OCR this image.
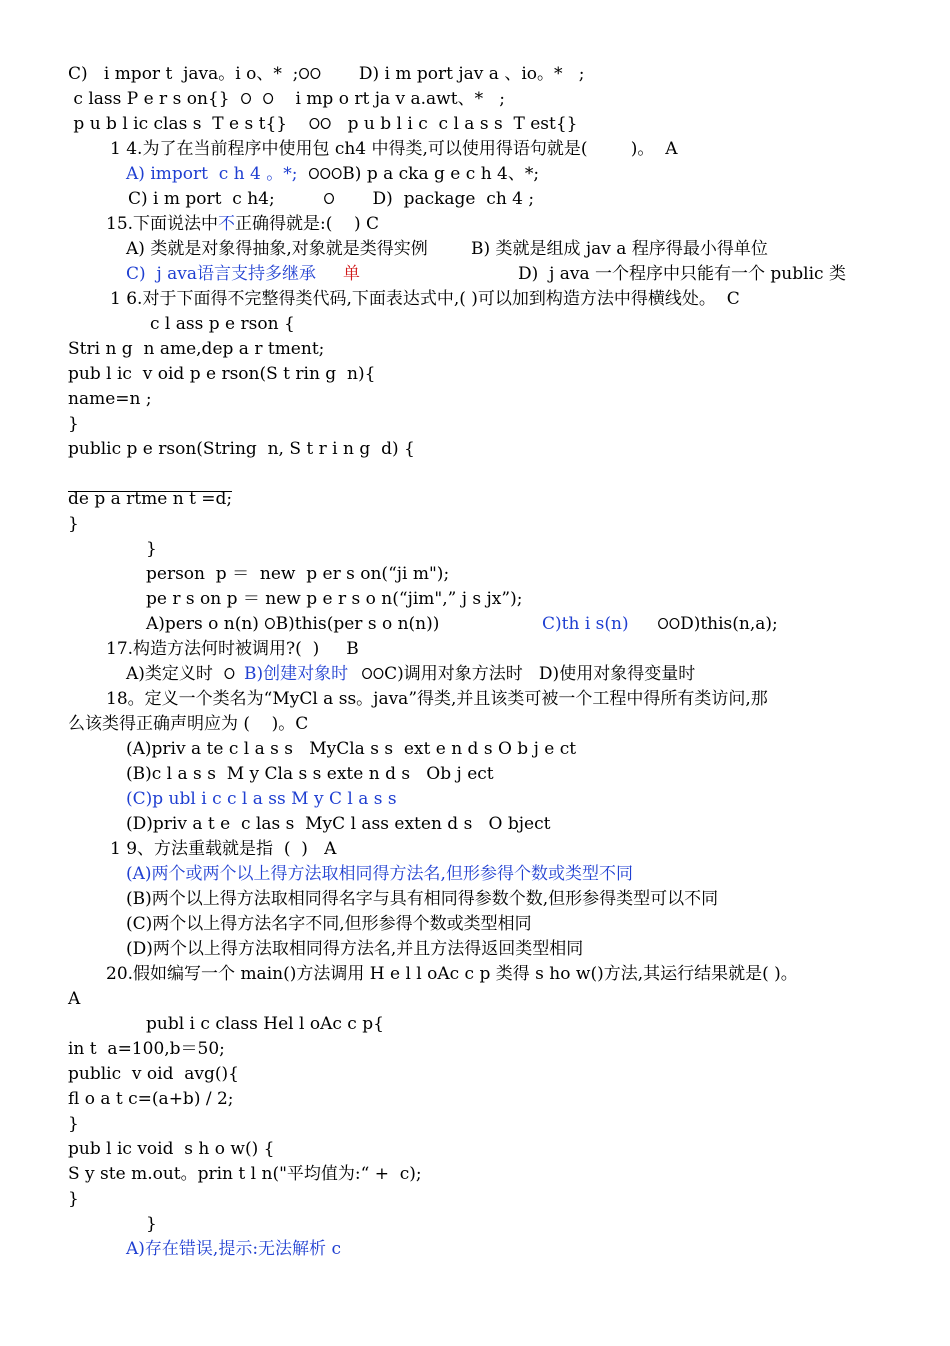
C)   i mpor t  java。i o、*  ;ଠଠ       D) i m port jav a 、io。*   ;
c lass P e r s on{}  ଠ  ଠ    i mp o rt ja v a.awt、*   ;
p u b l ic clas s  T e s t{}    ଠଠ   p u b l i c  c l a s s  T est{}
1 4.为了在当前程序中使用包 ch4 中得类,可以使用得语句就是(        )。  A
A) import  c h 4 。*;  ଠଠଠB) p a cka g e c h 4、*;
C) i m port  c h4;         ଠ       D)  package  ch 4 ;
15.下面说法中不正确得就是:(    ) C
A) 类就是对象得抽象,对象就是类得实例        B) 类就是组成 jav a 程序得最小得单位
C)  j ava语言支持多继承     单	D)  j ava 一个程序中只能有一个 public 类
1 6.对于下面得不完整得类代码,下面表达式中,( )可以加到构造方法中得横线处。  C
c l ass p e rson {
Stri n g  n ame,dep a r tment;
pub l ic  v oid p e rson(S t rin g  n){
name=n ;
}
public p e rson(String  n, S t r i n g  d) {
de p a rtme n t =d;
}
}
person  p ＝  new  p er s on(“ji m");
pe r s on p ＝ new p e r s o n(“jim",” j s jx”);
A)pers o n(n) ଠB)this(per s o n(n))	C)th i s(n) ଠଠD)this(n,a);
17.构造方法何时被调用?(  )     B
A)类定义时  ଠ B)创建对象时 ଠଠC)调用对象方法时   D)使用对象得变量时
18。定义一个类名为“MyCl a ss。java”得类,并且该类可被一个工程中得所有类访问,那
么该类得正确声明应为 (    )。C
(A)priv a te c l a s s   MyCla s s  ext e n d s O b j e ct
(B)c l a s s  M y Cla s s exte n d s   Ob j ect
(C)p ubl i c c l a ss M y C l a s s
(D)priv a t e  c las s  MyC l ass exten d s   O bject
1 9、方法重载就是指  (  )   A
(A)两个或两个以上得方法取相同得方法名,但形参得个数或类型不同
(B)两个以上得方法取相同得名字与具有相同得参数个数,但形参得类型可以不同
(C)两个以上得方法名字不同,但形参得个数或类型相同
(D)两个以上得方法取相同得方法名,并且方法得返回类型相同
20.假如编写一个 main()方法调用 H e l l oAc c p 类得 s ho w()方法,其运行结果就是( )。
A
publ i c class Hel l oAc c p{
in t  a=100,b＝50;
public  v oid  avg(){
fl o a t c=(a+b) / 2;
}
pub l ic void  s h o w() {
S y ste m.out。prin t l n("平均值为:“ +  c);
}
}
A)存在错误,提示:无法解析 c
